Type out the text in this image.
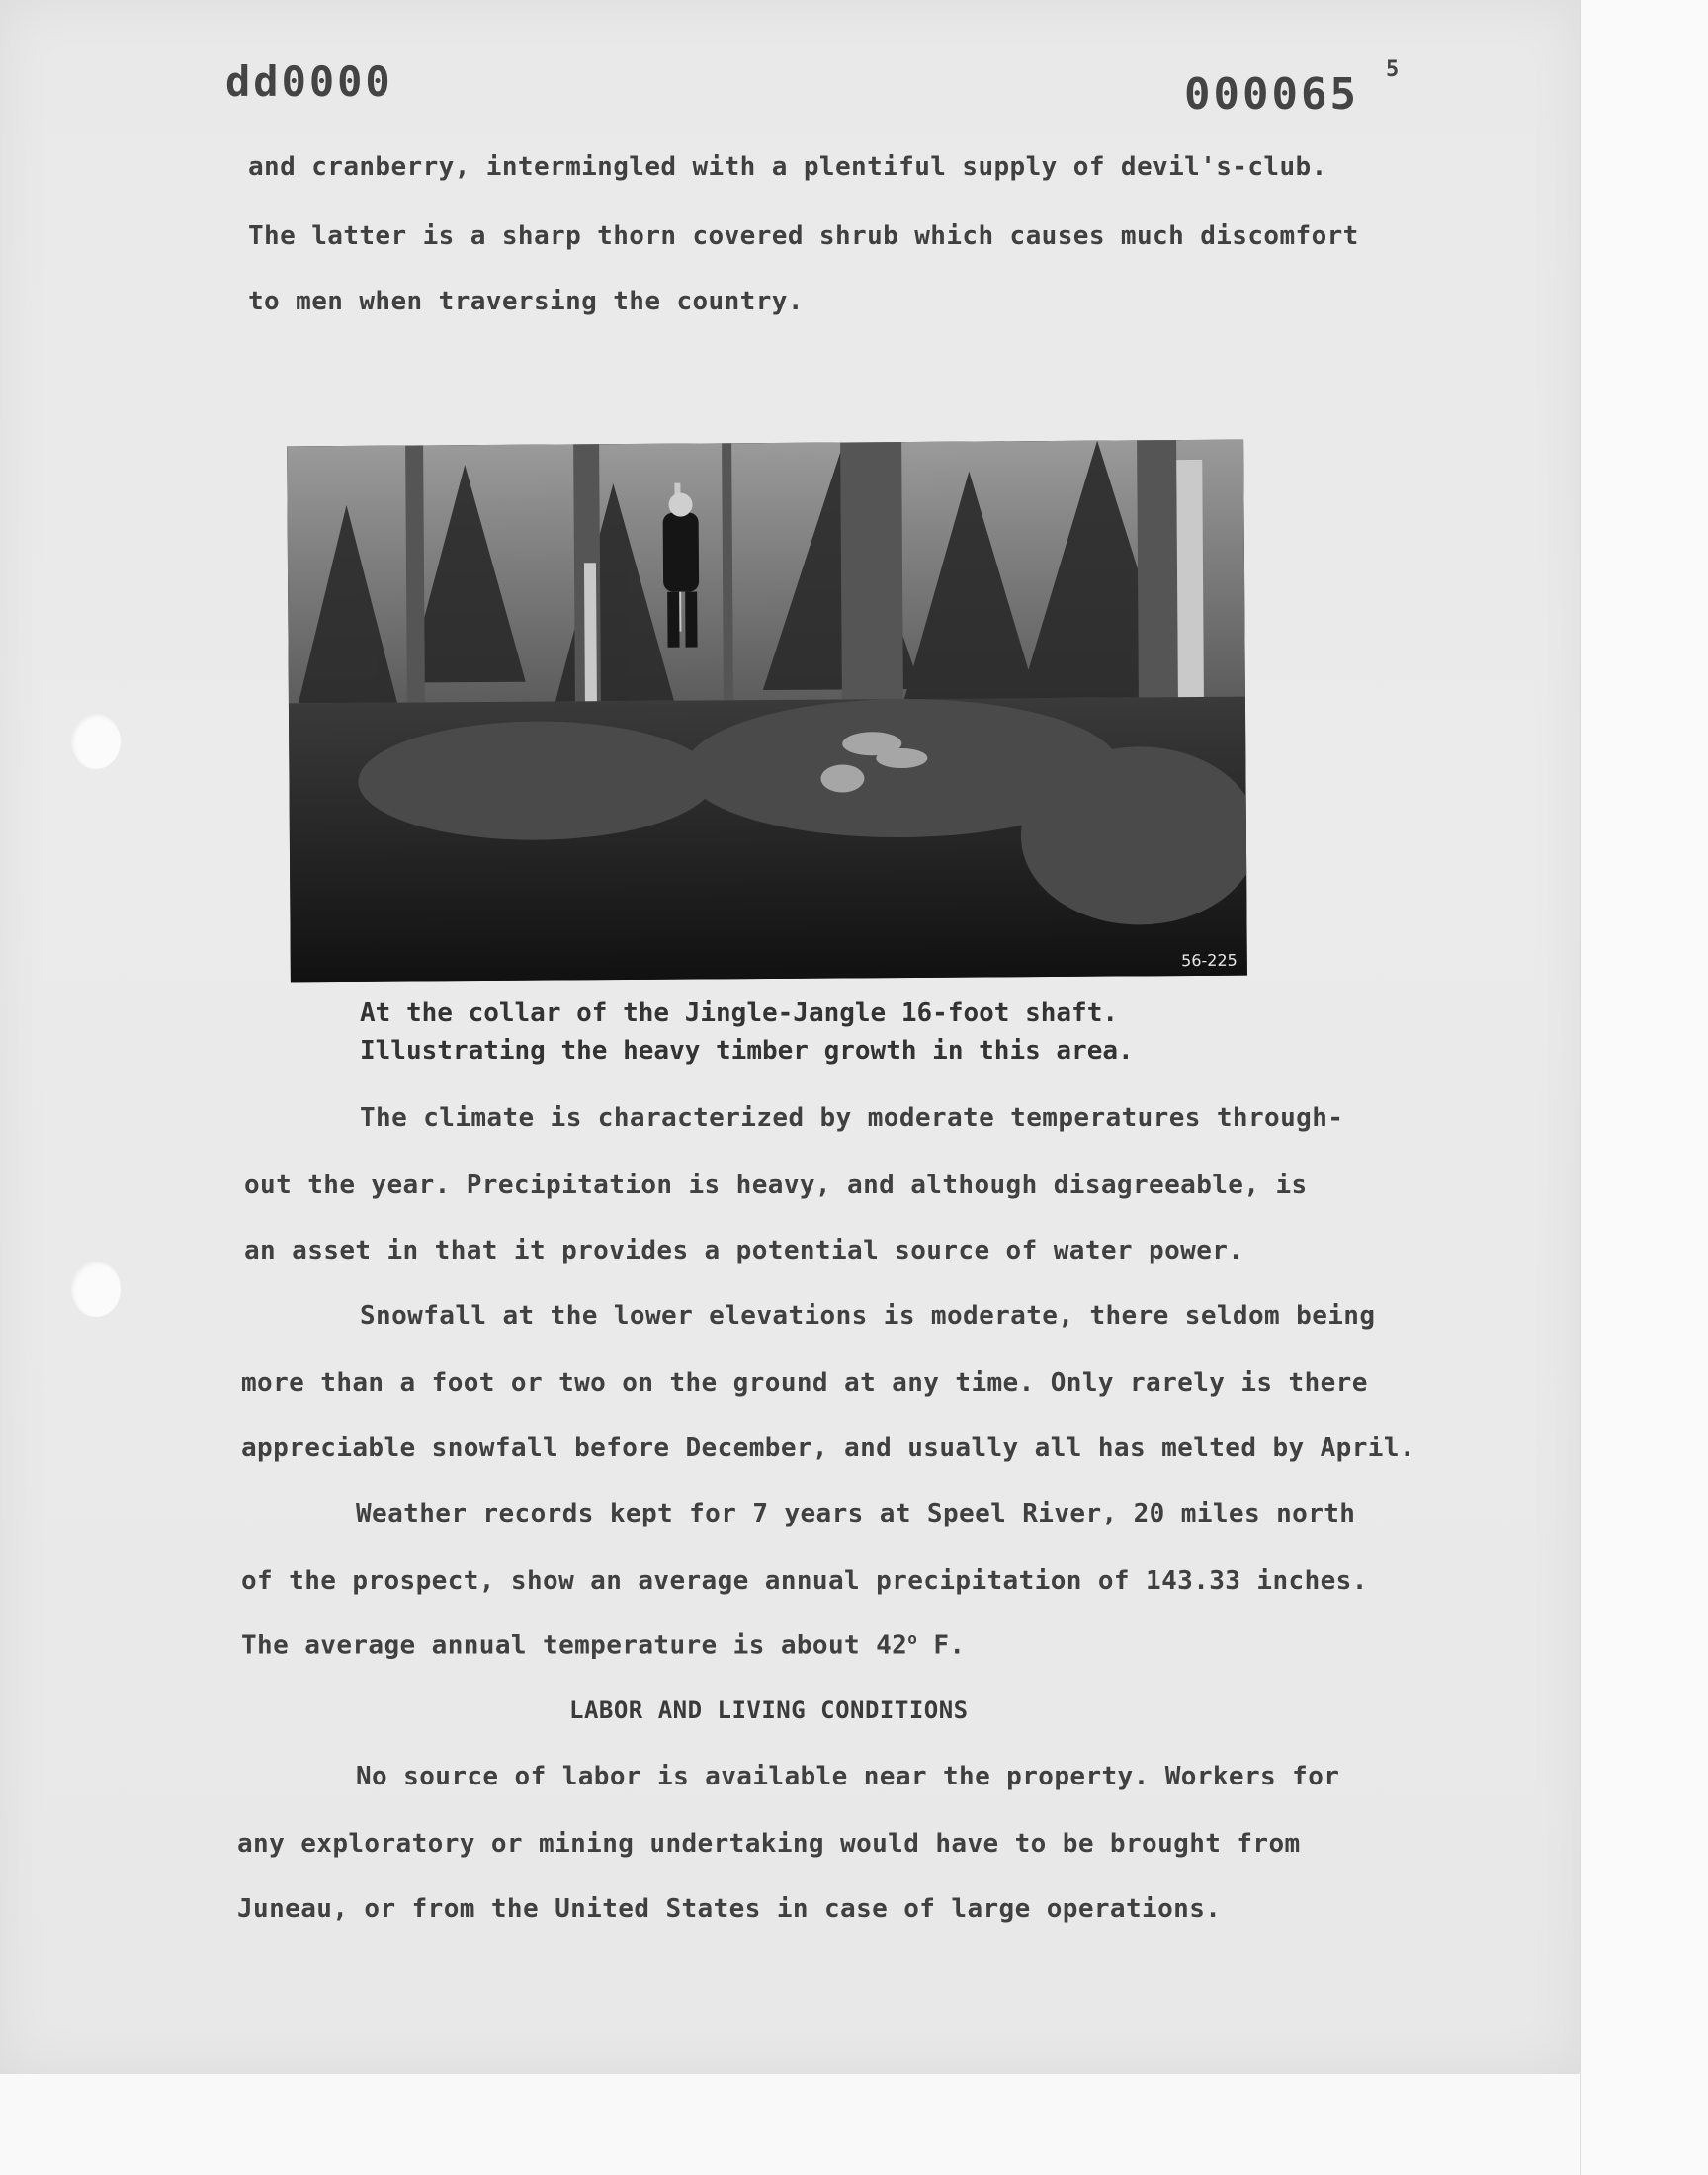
dd0000	000065 5
and cranberry, intermingled with a plentiful supply of devil's-club.
The latter is a sharp thorn covered shrub which causes much discomfort
to men when traversing the country.
56-225
At the collar of the Jingle-Jangle 16-foot shaft.
Illustrating the heavy timber growth in this area.
The climate is characterized by moderate temperatures through-
out the year. Precipitation is heavy, and although disagreeable, is
an asset in that it provides a potential source of water power.
Snowfall at the lower elevations is moderate, there seldom being
more than a foot or two on the ground at any time. Only rarely is there
appreciable snowfall before December, and usually all has melted by April.
Weather records kept for 7 years at Speel River, 20 miles north
of the prospect, show an average annual precipitation of 143.33 inches.
The average annual temperature is about 42$^o$ F.
LABOR AND LIVING CONDITIONS
No source of labor is available near the property. Workers for
any exploratory or mining undertaking would have to be brought from
Juneau, or from the United States in case of large operations.
